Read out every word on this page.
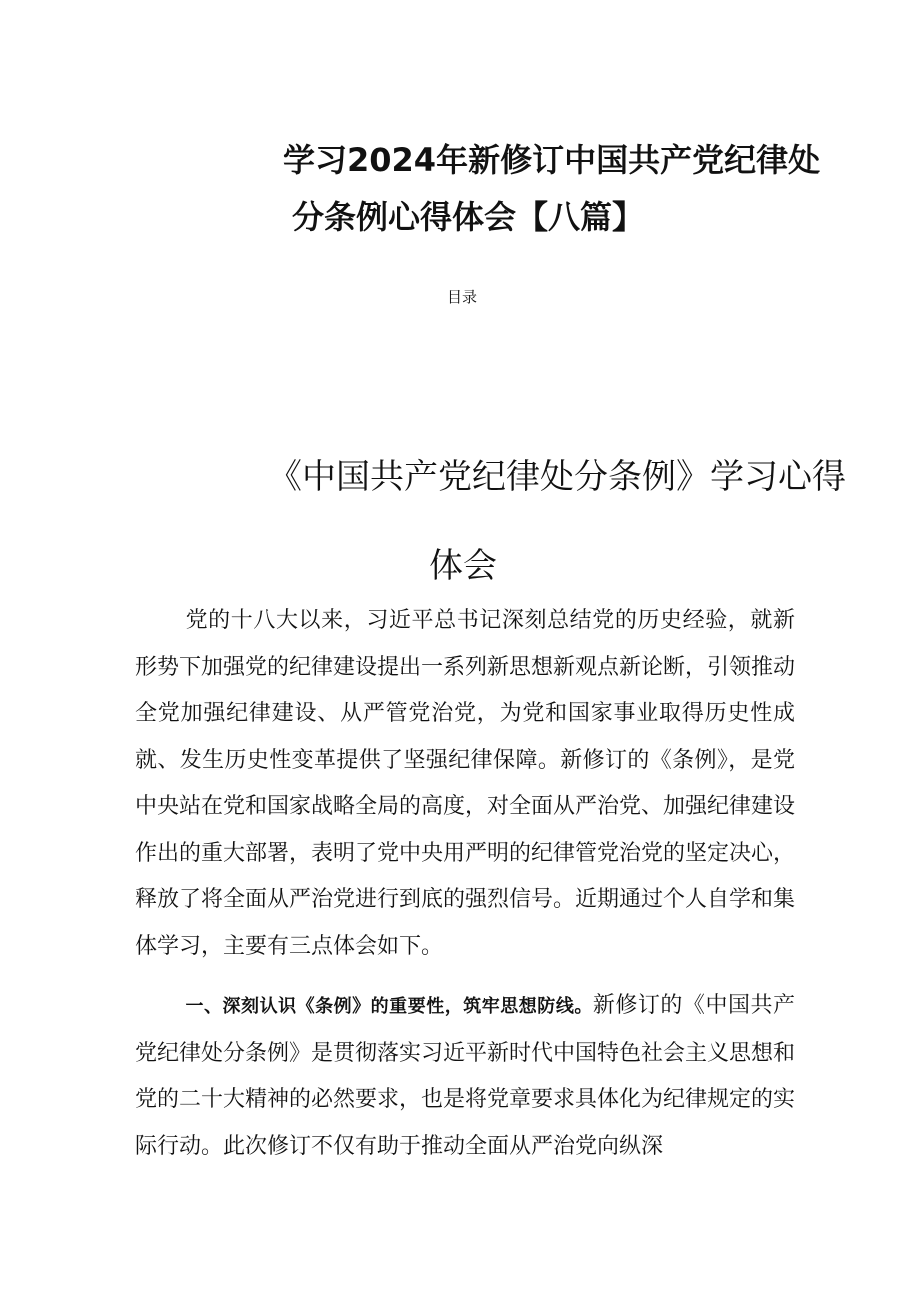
学习2024年新修订中国共产党纪律处
分条例心得体会【八篇】
目录
《中国共产党纪律处分条例》学习心得
体会
党的十八大以来，习近平总书记深刻总结党的历史经验，就新形势下加强党的纪律建设提出一系列新思想新观点新论断，引领推动全党加强纪律建设、从严管党治党，为党和国家事业取得历史性成就、发生历史性变革提供了坚强纪律保障。新修订的《条例》，是党中央站在党和国家战略全局的高度，对全面从严治党、加强纪律建设作出的重大部署，表明了党中央用严明的纪律管党治党的坚定决心，释放了将全面从严治党进行到底的强烈信号。近期通过个人自学和集体学习，主要有三点体会如下。
一、深刻认识《条例》的重要性，筑牢思想防线。新修订的《中国共产党纪律处分条例》是贯彻落实习近平新时代中国特色社会主义思想和党的二十大精神的必然要求，也是将党章要求具体化为纪律规定的实际行动。此次修订不仅有助于推动全面从严治党向纵深
